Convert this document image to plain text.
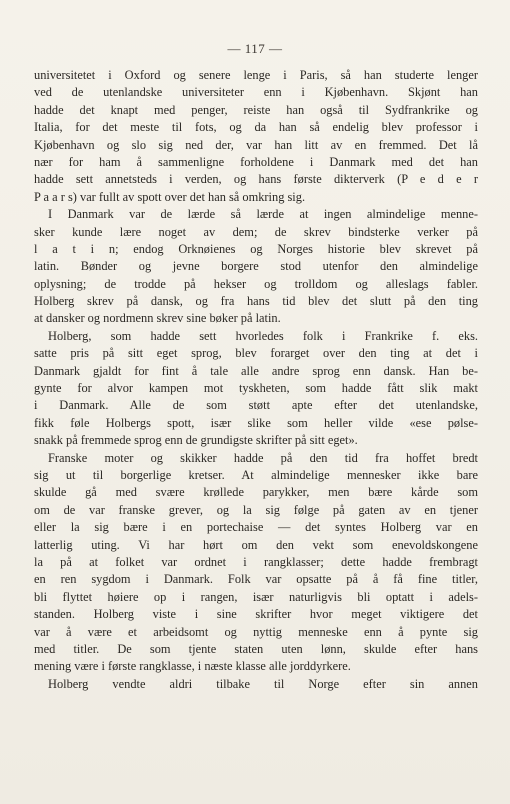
— 117 —
universitetet i Oxford og senere lenge i Paris, så han studerte lenger
ved de utenlandske universiteter enn i Kjøbenhavn. Skjønt han
hadde det knapt med penger, reiste han også til Sydfrankrike og
Italia, for det meste til fots, og da han så endelig blev professor i
Kjøbenhavn og slo sig ned der, var han litt av en fremmed. Det lå
nær for ham å sammenligne forholdene i Danmark med det han
hadde sett annetsteds i verden, og hans første dikterverk (P e d e r
P a a r s) var fullt av spott over det han så omkring sig.
I Danmark var de lærde så lærde at ingen almindelige menne-
sker kunde lære noget av dem; de skrev bindsterke verker på
l a t i n; endog Orknøienes og Norges historie blev skrevet på
latin. Bønder og jevne borgere stod utenfor den almindelige
oplysning; de trodde på hekser og trolldom og alleslags fabler.
Holberg skrev på dansk, og fra hans tid blev det slutt på den ting
at dansker og nordmenn skrev sine bøker på latin.
Holberg, som hadde sett hvorledes folk i Frankrike f. eks.
satte pris på sitt eget sprog, blev forarget over den ting at det i
Danmark gjaldt for fint å tale alle andre sprog enn dansk. Han be-
gynte for alvor kampen mot tyskheten, som hadde fått slik makt
i Danmark. Alle de som støtt apte efter det utenlandske,
fikk føle Holbergs spott, især slike som heller vilde «ese pølse-
snakk på fremmede sprog enn de grundigste skrifter på sitt eget».
Franske moter og skikker hadde på den tid fra hoffet bredt
sig ut til borgerlige kretser. At almindelige mennesker ikke bare
skulde gå med svære krøllede parykker, men bære kårde som
om de var franske grever, og la sig følge på gaten av en tjener
eller la sig bære i en portechaise — det syntes Holberg var en
latterlig uting. Vi har hørt om den vekt som enevoldskongene
la på at folket var ordnet i rangklasser; dette hadde frembragt
en ren sygdom i Danmark. Folk var opsatte på å få fine titler,
bli flyttet høiere op i rangen, især naturligvis bli optatt i adels-
standen. Holberg viste i sine skrifter hvor meget viktigere det
var å være et arbeidsomt og nyttig menneske enn å pynte sig
med titler. De som tjente staten uten lønn, skulde efter hans
mening være i første rangklasse, i næste klasse alle jorddyrkere.
Holberg vendte aldri tilbake til Norge efter sin annen
